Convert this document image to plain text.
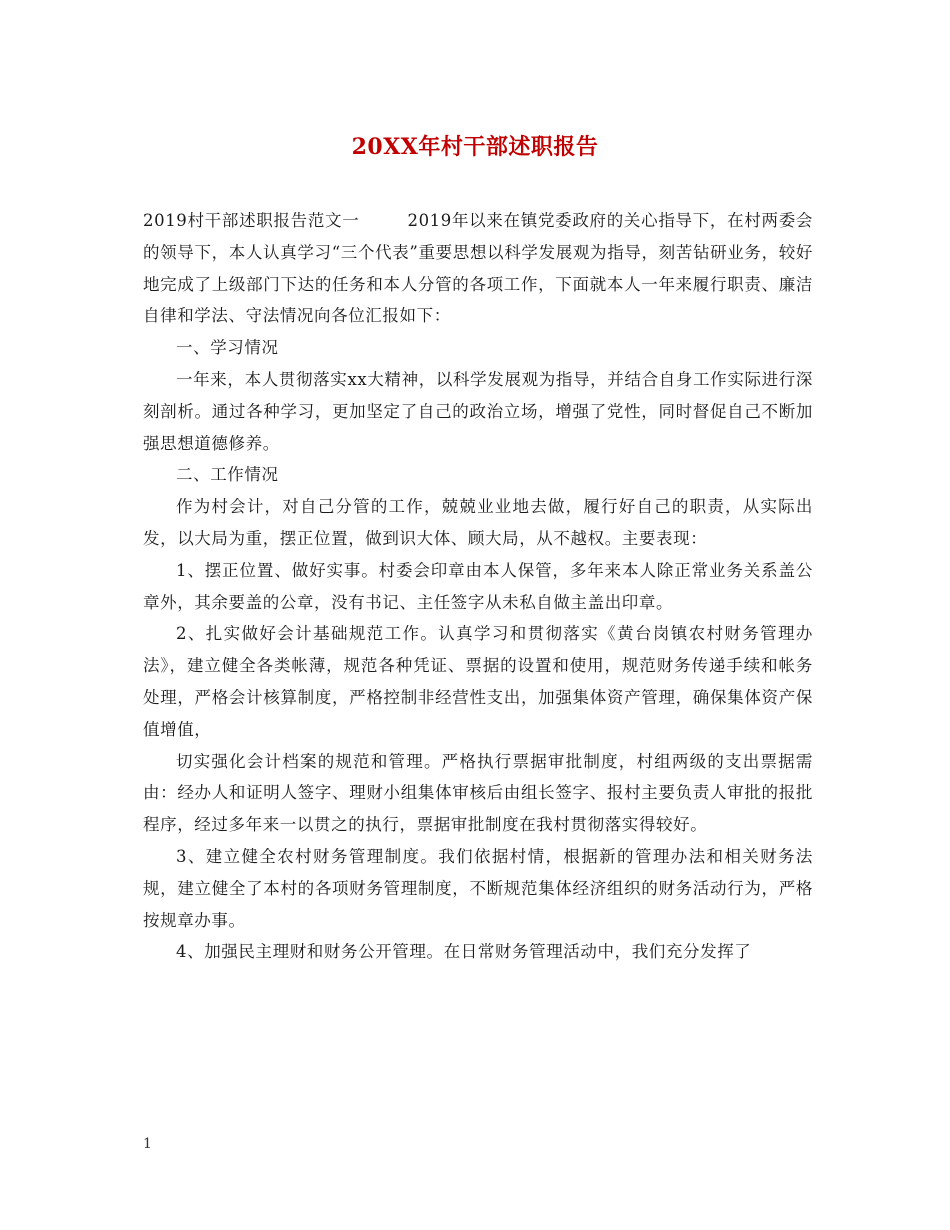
20XX年村干部述职报告

2019村干部述职报告范文一	2019年以来在镇党委政府的关心指导下，在村两委会的领导下，本人认真学习“三个代表”重要思想以科学发展观为指导，刻苦钻研业务，较好地完成了上级部门下达的任务和本人分管的各项工作，下面就本人一年来履行职责、廉洁自律和学法、守法情况向各位汇报如下：

一、学习情况

一年来，本人贯彻落实xx大精神，以科学发展观为指导，并结合自身工作实际进行深刻剖析。通过各种学习，更加坚定了自己的政治立场，增强了党性，同时督促自己不断加强思想道德修养。

二、工作情况

作为村会计，对自己分管的工作，兢兢业业地去做，履行好自己的职责，从实际出发，以大局为重，摆正位置，做到识大体、顾大局，从不越权。主要表现：

1、摆正位置、做好实事。村委会印章由本人保管，多年来本人除正常业务关系盖公章外，其余要盖的公章，没有书记、主任签字从未私自做主盖出印章。

2、扎实做好会计基础规范工作。认真学习和贯彻落实《黄台岗镇农村财务管理办法》，建立健全各类帐薄，规范各种凭证、票据的设置和使用，规范财务传递手续和帐务处理，严格会计核算制度，严格控制非经营性支出，加强集体资产管理，确保集体资产保值增值，

切实强化会计档案的规范和管理。严格执行票据审批制度，村组两级的支出票据需由：经办人和证明人签字、理财小组集体审核后由组长签字、报村主要负责人审批的报批程序，经过多年来一以贯之的执行，票据审批制度在我村贯彻落实得较好。

3、建立健全农村财务管理制度。我们依据村情，根据新的管理办法和相关财务法规，建立健全了本村的各项财务管理制度，不断规范集体经济组织的财务活动行为，严格按规章办事。

4、加强民主理财和财务公开管理。在日常财务管理活动中，我们充分发挥了

1
